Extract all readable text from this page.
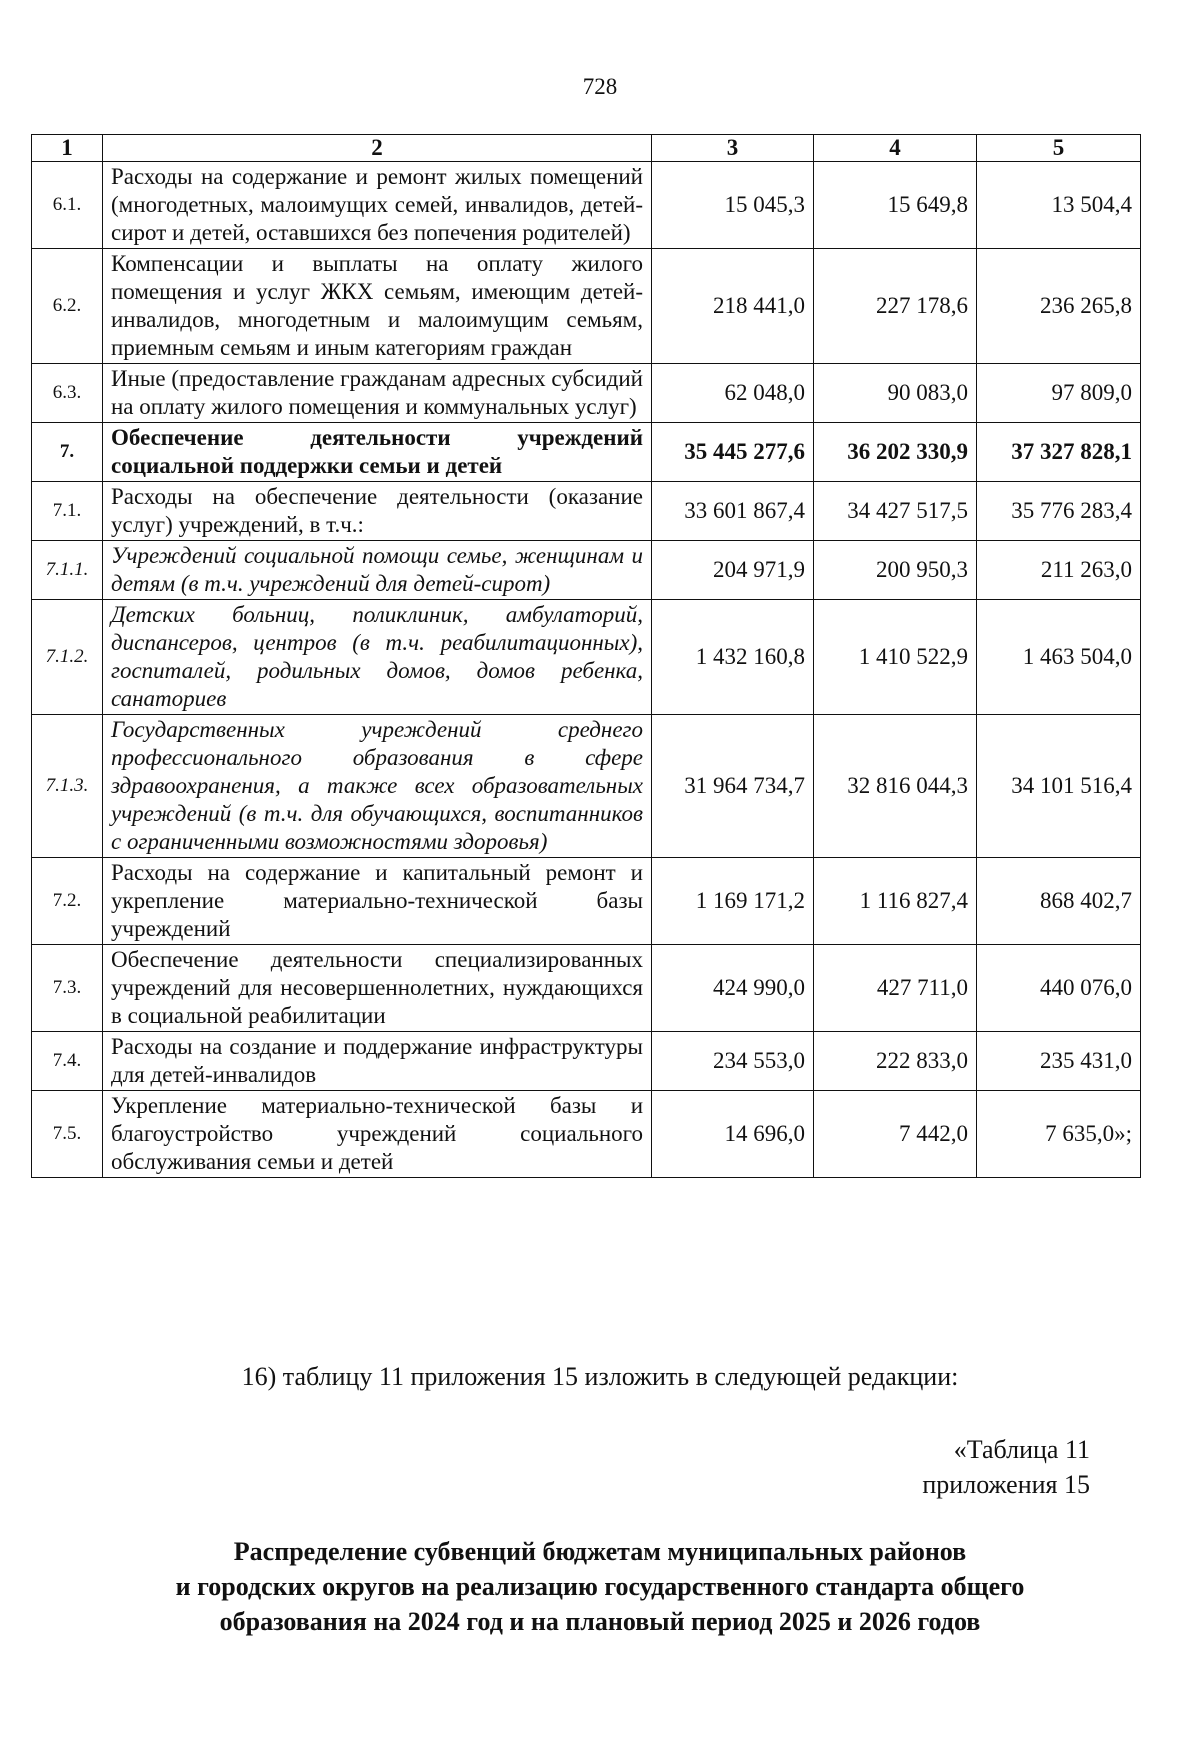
728
1	2	3	4	5
6.1.	Расходы на содержание и ремонт жилых помещений (многодетных, малоимущих семей, инвалидов, детей-сирот и детей, оставшихся без попечения родителей)	15 045,3	15 649,8	13 504,4
6.2.	Компенсации и выплаты на оплату жилого помещения и услуг ЖКХ семьям, имеющим детей-инвалидов, многодетным и малоимущим семьям, приемным семьям и иным категориям граждан	218 441,0	227 178,6	236 265,8
6.3.	Иные (предоставление гражданам адресных субсидий на оплату жилого помещения и коммунальных услуг)	62 048,0	90 083,0	97 809,0
7.	Обеспечение деятельности учреждений социальной поддержки семьи и детей	35 445 277,6	36 202 330,9	37 327 828,1
7.1.	Расходы на обеспечение деятельности (оказание услуг) учреждений, в т.ч.:	33 601 867,4	34 427 517,5	35 776 283,4
7.1.1.	Учреждений социальной помощи семье, женщинам и детям (в т.ч. учреждений для детей-сирот)	204 971,9	200 950,3	211 263,0
7.1.2.	Детских больниц, поликлиник, амбулаторий, диспансеров, центров (в т.ч. реабилитационных), госпиталей, родильных домов, домов ребенка, санаториев	1 432 160,8	1 410 522,9	1 463 504,0
7.1.3.	Государственных учреждений среднего профессионального образования в сфере здравоохранения, а также всех образовательных учреждений (в т.ч. для обучающихся, воспитанников с ограниченными возможностями здоровья)	31 964 734,7	32 816 044,3	34 101 516,4
7.2.	Расходы на содержание и капитальный ремонт и укрепление материально-технической базы учреждений	1 169 171,2	1 116 827,4	868 402,7
7.3.	Обеспечение деятельности специализированных учреждений для несовершеннолетних, нуждающихся в социальной реабилитации	424 990,0	427 711,0	440 076,0
7.4.	Расходы на создание и поддержание инфраструктуры для детей-инвалидов	234 553,0	222 833,0	235 431,0
7.5.	Укрепление материально-технической базы и благоустройство учреждений социального обслуживания семьи и детей	14 696,0	7 442,0	7 635,0»;
16) таблицу 11 приложения 15 изложить в следующей редакции:
«Таблица 11
приложения 15
Распределение субвенций бюджетам муниципальных районов
и городских округов на реализацию государственного стандарта общего
образования на 2024 год и на плановый период 2025 и 2026 годов
